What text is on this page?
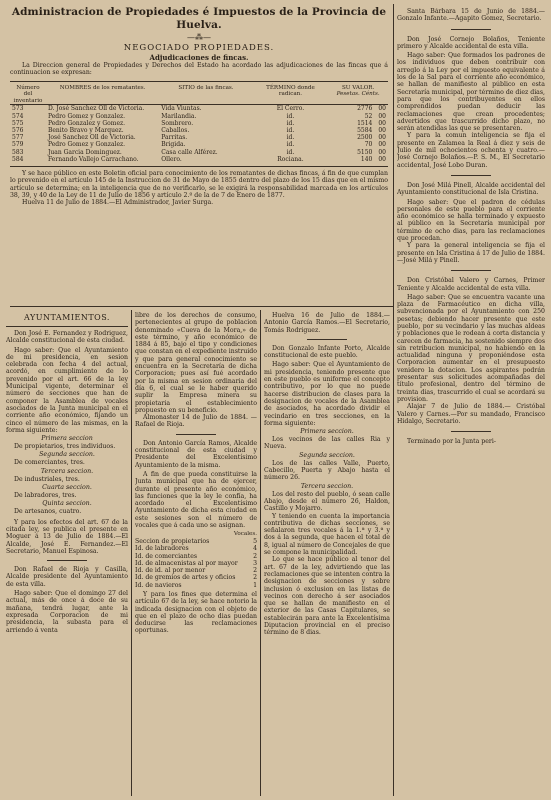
Administracion de Propiedades é Impuestos de la Provincia de Huelva.
—⁂—
NEGOCIADO PROPIEDADES.
Adjudicaciones de fincas.

La Direccion general de Propiedades y Derechos del Estado ha acordado las adjudicaciones de las fincas que á continuacion se expresan:

Número del inventario	NOMBRES de los rematantes.	SITIO de las fincas.	TÉRMINO donde radican.	SU VALOR.
Pesetas. Cénts.
573	D. José Sanchez Oll de Victoria.	Vida Viuntas.	El Cerro.	2776 00
574	Pedro Gomez y Gonzalez.	Marilandia.	id.	52 00
575	Pedro Gonzalez y Gomez.	Sombrero.	id.	1514 00
576	Benito Bravo y Marquez.	Caballos.	id.	5584 00
577	José Sanchez Oll de Victoria.	Parritas.	id.	2500 00
579	Pedro Gomez y Gonzalez.	Brigida.	id.	70 00
583	Juan Garcia Dominguez.	Casa calle Alférez.	id.	5150 00
584	Fernando Vallejo Carrachano.	Ollero.	Rociana.	140 00

Y se hace público en este Boletin oficial para conocimiento de los rematantes de dichas fincas, á fin de que cumplan lo prevenido en el artículo 145 de la Instruccion de 31 de Mayo de 1855 dentro del plazo de los 15 dias que en el mismo artículo se determina; en la inteligencia que de no verificarlo, se le exigirá la responsabilidad marcada en los artículos 38, 39, y 40 de la Ley de 11 de Julio de 1856 y artículo 2.º de la de 7 de Enero de 1877.

Huelva 11 de Julio de 1884.—El Administrador, Javier Surga.

AYUNTAMIENTOS.

Don José E. Fernandez y Rodriguez, Alcalde constitucional de esta ciudad.

Hago saber: Que el Ayuntamiento de mi presidencia, en sesion celebrada con fecha 4 del actual, acordó, en cumplimiento de lo prevenido por el art. 66 de la ley Municipal vigente, determinar el número de secciones que han de componer la Asamblea de vocales asociados de la Junta municipal en el corriente año económico, fijando un cinco el número de las mismas, en la forma siguiente:

Primera seccion

De propietarios, tres individuos.

Segunda seccion.

De comerciantes, tres.

Tercera seccion.

De industriales, tres.

Cuarta seccion.

De labradores, tres.

Quinta seccion.

De artesanos, cuatro.

Y para los efectos del art. 67 de la citada ley, se publica el presente en Moguer á 13 de Julio de 1884.—El Alcalde, José E. Fernandez.—El Secretario, Manuel Espinosa.

Don Rafael de Rioja y Casilla, Alcalde presidente del Ayuntamiento de esta villa.

Hago saber: Que el domingo 27 del actual, más de once á doce de su mañana, tendrá lugar, ante la expresada Corporacion de mi presidencia, la subasta para el arriendo á venta

libre de los derechos de consumo, pertenecientes al grupo de poblacion denominado «Cueva de la Mora,» de este término, y año económico de 1884 á 85, bajo el tipo y condiciones que constan en el expediente instruido y que para general conocimiento se encuentra en la Secretaría de dicha Corporacion; pues así fué acordado por la misma en sesion ordinaria del día 6, el cual se le haber querido suplir la Empresa minera su propietaria el establecimiento propuesto en su beneficio.

Almonaster 14 de Julio de 1884. —Rafael de Rioja.

Don Antonio García Ramos, Alcalde constitucional de esta ciudad y Presidente del Excelentísimo Ayuntamiento de la misma.

A fin de que pueda constituirse la Junta municipal que ha de ejercer, durante el presente año económico, las funciones que la ley le confía, ha acordado el Excelentísimo Ayuntamiento de dicha esta ciudad en este sesiones son el número de vocales que á cada uno se asignan.

Vocales.
Seccion de propietarios	5
Id. de labradores	4
Id. de comerciantes	2
Id. de almacenistas al por mayor	3
Id. de id. al por menor	2
Id. de gremios de artes y oficios	2
Id. de navieros	1

Y para los fines que determina el artículo 67 de la ley, se hace notorio la indicada designacion con el objeto de que en el plazo de ocho dias puedan deducirse las reclamaciones oportunas.

Huelva 16 de Julio de 1884.— Antonio García Ramos.—El Secretario, Tomás Rodriguez.

Don Gonzalo Infante Porto, Alcalde constitucional de este pueblo.

Hago saber: Que el Ayuntamiento de mi presidencia, teniendo presente que en este pueblo es uniforme el concepto contributivo, por lo que no puede hacerse distribucion de clases para la designacion de vocales de la Asamblea de asociados, ha acordado dividir el vecindario en tres secciones, en la forma siguiente:

Primera seccion.

Los vecinos de las calles Ria y Nueva.

Segunda seccion.

Los de las calles Valle, Puerto, Cabecillo, Puerta y Abajo hasta el número 26.

Tercera seccion.

Los del resto del pueblo, ó sean calle Abajo, desde el número 26, Haldon, Castillo y Mojarro.

Y teniendo en cuenta la importancia contributiva de dichas secciones, se señalaron tres vocales á la 1.ª y 3.ª y dos á la segunda, que hacen el total de 8, igual al número de Concejales de que se compone la municipalidad.

Lo que se hace público al tenor del art. 67 de la ley, advirtiendo que las reclamaciones que se intenten contra la designacion de secciones y sobre inclusion ó exclusion en las listas de vecinos con derecho á ser asociados que se hallan de manifiesto en el exterior de las Casas Capitulares, se establecirán para ante la Excelentísima Diputacion provincial en el preciso término de 8 dias.

Santa Bárbara 15 de Junio de 1884.—Gonzalo Infante.—Agapito Gomez, Secretario.

Don José Cornejo Bolaños, Teniente primero y Alcalde accidental de esta villa.

Hago saber: Que formados los padrones de los individuos que deben contribuir con arreglo á la Ley por el impuesto equivalente á los de la Sal para el corriente año económico, se hallan de manifiesto al público en esta Secretaría municipal, por término de diez dias, para que los contribuyentes en ellos comprendidos puedan deducir las reclamaciones que crean procedentes; advertidos que trascurrido dicho plazo, no serán atendidas las que se presentaren.

Y para la comun inteligencia se fija el presente en Zalamea la Real á diez y seis de Julio de mil ochocientos ochenta y cuatro.—José Cornejo Bolaños.—P. S. M., El Secretario accidental, José Lobo Duran.

Don José Milá Pinell, Alcalde accidental del Ayuntamiento constitucional de Isla Cristina.

Hago saber: Que el padron de cédulas personales de este pueblo para el corriente año económico se halla terminado y expuesto al público en la Secretaría municipal por término de ocho dias, para las reclamaciones que procedan.

Y para la general inteligencia se fija el presente en Isla Cristina á 17 de Julio de 1884.—José Milá y Pinell.

Don Cristóbal Valero y Carnes, Primer Teniente y Alcalde accidental de esta villa.

Hago saber: Que se encuentra vacante una plaza de Farmacéutico en dicha villa, subvencionada por el Ayuntamiento con 250 pesetas; debiendo hacer presente que este pueblo, por su vecindario y las muchas aldeas y poblaciones que le rodean á corta distancia y carecen de farmacia, ha sostenido siempre dos sin retribucion municipal, no habiendo en la actualidad ninguna y proponiéndose esta Corporacion aumentar en el presupuesto venidero la dotacion. Los aspirantes podrán presentar sus solicitudes acompañadas del título profesional, dentro del término de treinta dias, trascurrido el cual se acordará su provision.

Alajar 7 de Julio de 1884.— Cristóbal Valero y Carnes.—Por su mandado, Francisco Hidalgo, Secretario.

Terminado por la Junta peri-
